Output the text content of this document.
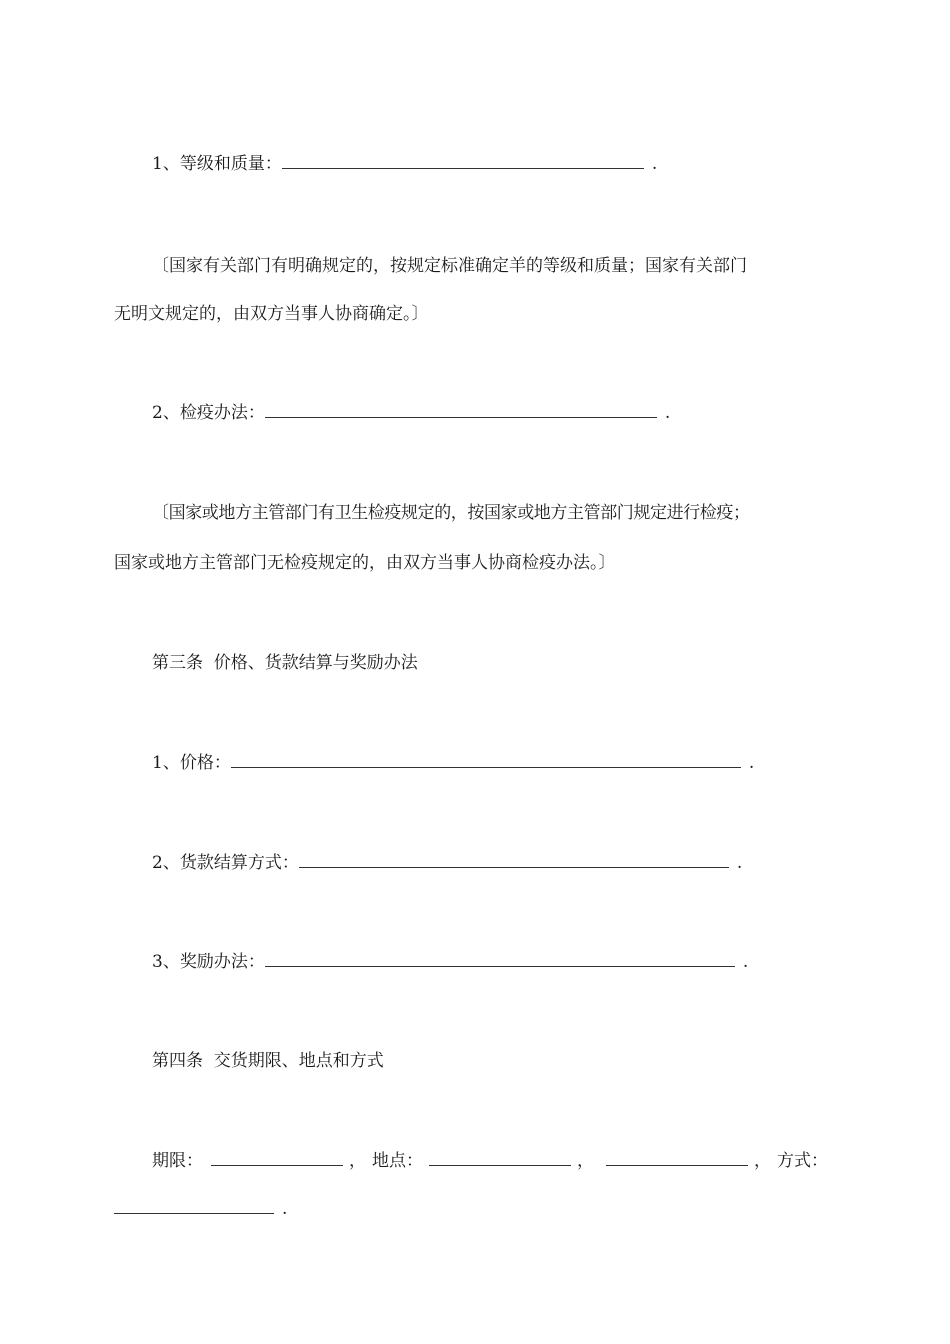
1、等级和质量：	.
〔国家有关部门有明确规定的，按规定标准确定羊的等级和质量；国家有关部门
无明文规定的，由双方当事人协商确定。〕
2、检疫办法：	.
〔国家或地方主管部门有卫生检疫规定的，按国家或地方主管部门规定进行检疫；
国家或地方主管部门无检疫规定的，由双方当事人协商检疫办法。〕
第三条  价格、货款结算与奖励办法
1、价格：	.
2、货款结算方式：	.
3、奖励办法：	.
第四条  交货期限、地点和方式
期限：	， 地点：	，	， 方式：
.
